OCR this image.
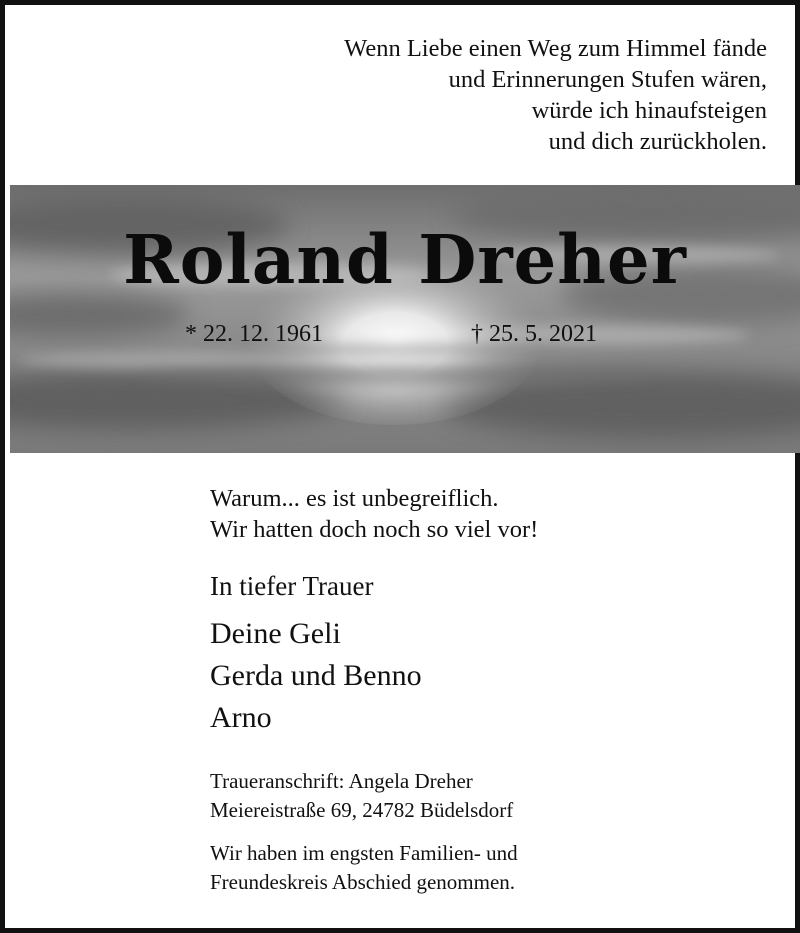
Wenn Liebe einen Weg zum Himmel fände
und Erinnerungen Stufen wären,
würde ich hinaufsteigen
und dich zurückholen.
Roland Dreher
* 22. 12. 1961	† 25. 5. 2021
Warum... es ist unbegreiflich.
Wir hatten doch noch so viel vor!
In tiefer Trauer
Deine Geli
Gerda und Benno
Arno
Traueranschrift: Angela Dreher
Meiereistraße 69, 24782 Büdelsdorf
Wir haben im engsten Familien- und
Freundeskreis Abschied genommen.
